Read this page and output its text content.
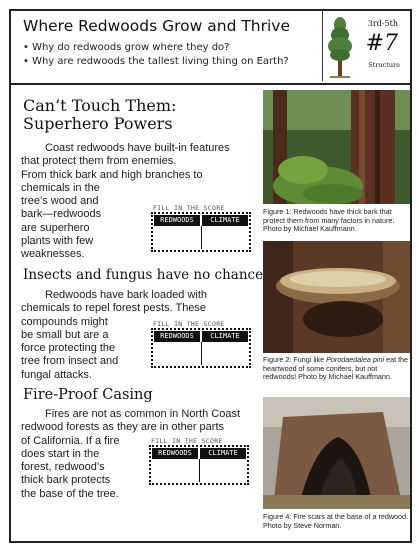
Where Redwoods Grow and Thrive
• Why do redwoods grow where they do?
• Why are redwoods the tallest living thing on Earth?
3rd-5th
#7
Structure
Can’t Touch Them:
Superhero Powers
Coast redwoods have built-in features
that protect them from enemies.
From thick bark and high branches to
chemicals in the
tree’s wood and
bark—redwoods
are superhero
plants with few
weaknesses.
FILL IN THE SCORE
REDWOODS	CLIMATE
Insects and fungus have no chance
Redwoods have bark loaded with
chemicals to repel forest pests. These
compounds might
be small but are a
force protecting the
tree from insect and
fungal attacks.
FILL IN THE SCORE
REDWOODS	CLIMATE
Fire-Proof Casing
Fires are not as common in North Coast
redwood forests as they are in other parts
of California. If a fire
does start in the
forest, redwood’s
thick bark protects
the base of the tree.
FILL IN THE SCORE
REDWOODS	CLIMATE
Figure 1: Redwoods have thick bark that protect them from many factors in nature. Photo by Michael Kauffmann.
Figure 2: Fungi like Porodaedalea pini eat the heartwood of some conifers, but not redwoods! Photo by Michael Kauffmann.
Figure 4: Fire scars at the base of a redwood. Photo by Steve Norman.
